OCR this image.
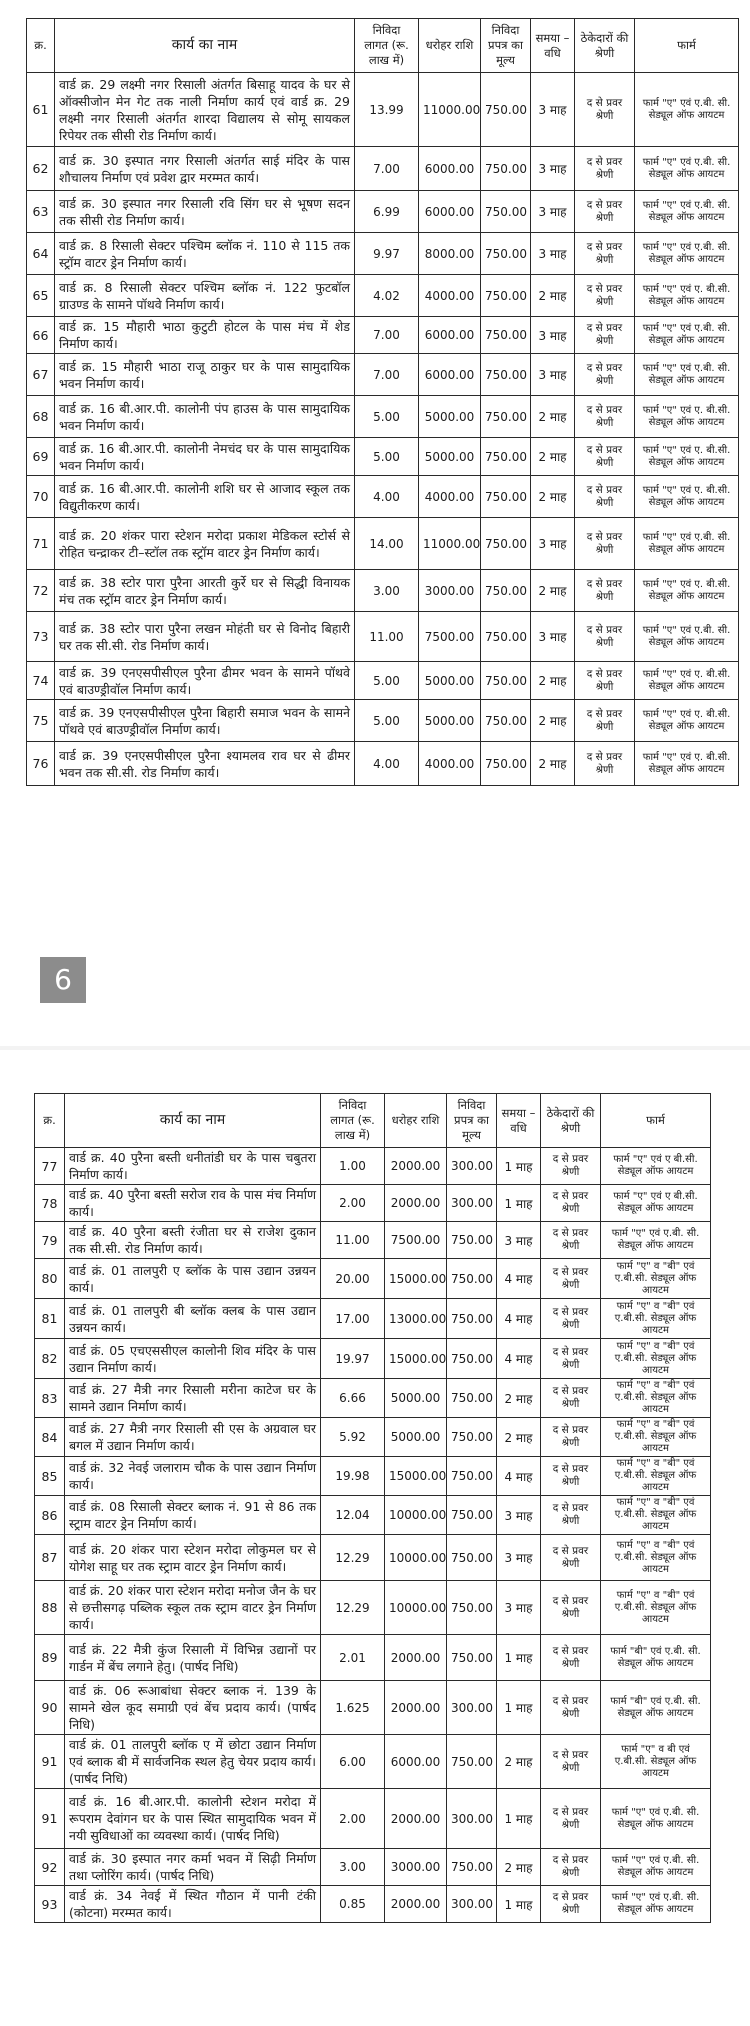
क्र.	कार्य का नाम	निविदा लागत (रू. लाख में)	धरोहर राशि	निविदा प्रपत्र का मूल्य	समया – वधि	ठेकेदारों की श्रेणी	फार्म
61	वार्ड क्र. 29 लक्ष्मी नगर रिसाली अंतर्गत बिसाहू यादव के घर से ऑक्सीजोन मेन गेट तक नाली निर्माण कार्य एवं वार्ड क्र. 29 लक्ष्मी नगर रिसाली अंतर्गत शारदा विद्यालय से सोमू सायकल रिपेयर तक सीसी रोड निर्माण कार्य।	13.99	11000.00	750.00	3 माह	द से प्रवर श्रेणी	फार्म "ए" एवं ए.बी. सी. सेड्यूल ऑफ आयटम
62	वार्ड क्र. 30 इस्पात नगर रिसाली अंतर्गत साई मंदिर के पास शौचालय निर्माण एवं प्रवेश द्वार मरम्मत कार्य।	7.00	6000.00	750.00	3 माह	द से प्रवर श्रेणी	फार्म "ए" एवं ए.बी. सी. सेड्यूल ऑफ आयटम
63	वार्ड क्र. 30 इस्पात नगर रिसाली रवि सिंग घर से भूषण सदन तक सीसी रोड निर्माण कार्य।	6.99	6000.00	750.00	3 माह	द से प्रवर श्रेणी	फार्म "ए" एवं ए.बी. सी. सेड्यूल ऑफ आयटम
64	वार्ड क्र. 8 रिसाली सेक्टर पश्चिम ब्लॉक नं. 110 से 115 तक स्ट्रॉम वाटर ड्रेन निर्माण कार्य।	9.97	8000.00	750.00	3 माह	द से प्रवर श्रेणी	फार्म "ए" एवं ए.बी. सी. सेड्यूल ऑफ आयटम
65	वार्ड क्र. 8 रिसाली सेक्टर पश्चिम ब्लॉक नं. 122 फुटबॉल ग्राउण्ड के सामने पॉथवे निर्माण कार्य।	4.02	4000.00	750.00	2 माह	द से प्रवर श्रेणी	फार्म "ए" एवं ए. बी.सी. सेड्यूल ऑफ आयटम
66	वार्ड क्र. 15 मौहारी भाठा कुटुटी होटल के पास मंच में शेड निर्माण कार्य।	7.00	6000.00	750.00	3 माह	द से प्रवर श्रेणी	फार्म "ए" एवं ए.बी. सी. सेड्यूल ऑफ आयटम
67	वार्ड क्र. 15 मौहारी भाठा राजू ठाकुर घर के पास सामुदायिक भवन निर्माण कार्य।	7.00	6000.00	750.00	3 माह	द से प्रवर श्रेणी	फार्म "ए" एवं ए.बी. सी. सेड्यूल ऑफ आयटम
68	वार्ड क्र. 16 बी.आर.पी. कालोनी पंप हाउस के पास सामुदायिक भवन निर्माण कार्य।	5.00	5000.00	750.00	2 माह	द से प्रवर श्रेणी	फार्म "ए" एवं ए. बी.सी. सेड्यूल ऑफ आयटम
69	वार्ड क्र. 16 बी.आर.पी. कालोनी नेमचंद घर के पास सामुदायिक भवन निर्माण कार्य।	5.00	5000.00	750.00	2 माह	द से प्रवर श्रेणी	फार्म "ए" एवं ए. बी.सी. सेड्यूल ऑफ आयटम
70	वार्ड क्र. 16 बी.आर.पी. कालोनी शशि घर से आजाद स्कूल तक विद्युतीकरण कार्य।	4.00	4000.00	750.00	2 माह	द से प्रवर श्रेणी	फार्म "ए" एवं ए. बी.सी. सेड्यूल ऑफ आयटम
71	वार्ड क्र. 20 शंकर पारा स्टेशन मरोदा प्रकाश मेडिकल स्टोर्स से रोहित चन्द्राकर टी–स्टॉल तक स्ट्रॉम वाटर ड्रेन निर्माण कार्य।	14.00	11000.00	750.00	3 माह	द से प्रवर श्रेणी	फार्म "ए" एवं ए.बी. सी. सेड्यूल ऑफ आयटम
72	वार्ड क्र. 38 स्टोर पारा पुरैना आरती कुर्रे घर से सिद्धी विनायक मंच तक स्ट्रॉम वाटर ड्रेन निर्माण कार्य।	3.00	3000.00	750.00	2 माह	द से प्रवर श्रेणी	फार्म "ए" एवं ए. बी.सी. सेड्यूल ऑफ आयटम
73	वार्ड क्र. 38 स्टोर पारा पुरैना लखन मोहंती घर से विनोद बिहारी घर तक सी.सी. रोड निर्माण कार्य।	11.00	7500.00	750.00	3 माह	द से प्रवर श्रेणी	फार्म "ए" एवं ए.बी. सी. सेड्यूल ऑफ आयटम
74	वार्ड क्र. 39 एनएसपीसीएल पुरैना ढीमर भवन के सामने पॉथवे एवं बाउण्ड्रीवॉल निर्माण कार्य।	5.00	5000.00	750.00	2 माह	द से प्रवर श्रेणी	फार्म "ए" एवं ए. बी.सी. सेड्यूल ऑफ आयटम
75	वार्ड क्र. 39 एनएसपीसीएल पुरैना बिहारी समाज भवन के सामने पॉथवे एवं बाउण्ड्रीवॉल निर्माण कार्य।	5.00	5000.00	750.00	2 माह	द से प्रवर श्रेणी	फार्म "ए" एवं ए. बी.सी. सेड्यूल ऑफ आयटम
76	वार्ड क्र. 39 एनएसपीसीएल पुरैना श्यामलव राव घर से ढीमर भवन तक सी.सी. रोड निर्माण कार्य।	4.00	4000.00	750.00	2 माह	द से प्रवर श्रेणी	फार्म "ए" एवं ए. बी.सी. सेड्यूल ऑफ आयटम
6
क्र.	कार्य का नाम	निविदा लागत (रू. लाख में)	धरोहर राशि	निविदा प्रपत्र का मूल्य	समया – वधि	ठेकेदारों की श्रेणी	फार्म
77	वार्ड क्र. 40 पुरैना बस्ती धनीतांडी घर के पास चबुतरा निर्माण कार्य।	1.00	2000.00	300.00	1 माह	द से प्रवर श्रेणी	फार्म "ए" एवं ए बी.सी. सेड्यूल ऑफ आयटम
78	वार्ड क्र. 40 पुरैना बस्ती सरोज राव के पास मंच निर्माण कार्य।	2.00	2000.00	300.00	1 माह	द से प्रवर श्रेणी	फार्म "ए" एवं ए बी.सी. सेड्यूल ऑफ आयटम
79	वार्ड क्र. 40 पुरैना बस्ती रंजीता घर से राजेश दुकान तक सी.सी. रोड निर्माण कार्य।	11.00	7500.00	750.00	3 माह	द से प्रवर श्रेणी	फार्म "ए" एवं ए.बी. सी. सेड्यूल ऑफ आयटम
80	वार्ड क्रं. 01 तालपुरी ए ब्लॉक के पास उद्यान उन्नयन कार्य।	20.00	15000.00	750.00	4 माह	द से प्रवर श्रेणी	फार्म "ए" व "बी" एवं ए.बी.सी. सेड्यूल ऑफ आयटम
81	वार्ड क्रं. 01 तालपुरी बी ब्लॉक क्लब के पास उद्यान उन्नयन कार्य।	17.00	13000.00	750.00	4 माह	द से प्रवर श्रेणी	फार्म "ए" व "बी" एवं ए.बी.सी. सेड्यूल ऑफ आयटम
82	वार्ड क्रं. 05 एचएससीएल कालोनी शिव मंदिर के पास उद्यान निर्माण कार्य।	19.97	15000.00	750.00	4 माह	द से प्रवर श्रेणी	फार्म "ए" व "बी" एवं ए.बी.सी. सेड्यूल ऑफ आयटम
83	वार्ड क्रं. 27 मैत्री नगर रिसाली मरीना काटेज घर के सामने उद्यान निर्माण कार्य।	6.66	5000.00	750.00	2 माह	द से प्रवर श्रेणी	फार्म "ए" व "बी" एवं ए.बी.सी. सेड्यूल ऑफ आयटम
84	वार्ड क्रं. 27 मैत्री नगर रिसाली सी एस के अग्रवाल घर बगल में उद्यान निर्माण कार्य।	5.92	5000.00	750.00	2 माह	द से प्रवर श्रेणी	फार्म "ए" व "बी" एवं ए.बी.सी. सेड्यूल ऑफ आयटम
85	वार्ड क्रं. 32 नेवई जलाराम चौक के पास उद्यान निर्माण कार्य।	19.98	15000.00	750.00	4 माह	द से प्रवर श्रेणी	फार्म "ए" व "बी" एवं ए.बी.सी. सेड्यूल ऑफ आयटम
86	वार्ड क्रं. 08 रिसाली सेक्टर ब्लाक नं. 91 से 86 तक स्ट्राम वाटर ड्रेन निर्माण कार्य।	12.04	10000.00	750.00	3 माह	द से प्रवर श्रेणी	फार्म "ए" व "बी" एवं ए.बी.सी. सेड्यूल ऑफ आयटम
87	वार्ड क्रं. 20 शंकर पारा स्टेशन मरोदा लोकुमल घर से योगेश साहू घर तक स्ट्राम वाटर ड्रेन निर्माण कार्य।	12.29	10000.00	750.00	3 माह	द से प्रवर श्रेणी	फार्म "ए" व "बी" एवं ए.बी.सी. सेड्यूल ऑफ आयटम
88	वार्ड क्रं. 20 शंकर पारा स्टेशन मरोदा मनोज जैन के घर से छत्तीसगढ़ पब्लिक स्कूल तक स्ट्राम वाटर ड्रेन निर्माण कार्य।	12.29	10000.00	750.00	3 माह	द से प्रवर श्रेणी	फार्म "ए" व "बी" एवं ए.बी.सी. सेड्यूल ऑफ आयटम
89	वार्ड क्रं. 22 मैत्री कुंज रिसाली में विभिन्न उद्यानों पर गार्डन में बेंच लगाने हेतु। (पार्षद निधि)	2.01	2000.00	750.00	1 माह	द से प्रवर श्रेणी	फार्म "बी" एवं ए.बी. सी. सेड्यूल ऑफ आयटम
90	वार्ड क्रं. 06 रूआबांधा सेक्टर ब्लाक नं. 139 के सामने खेल कूद समाग्री एवं बेंच प्रदाय कार्य। (पार्षद निधि)	1.625	2000.00	300.00	1 माह	द से प्रवर श्रेणी	फार्म "बी" एवं ए.बी. सी. सेड्यूल ऑफ आयटम
91	वार्ड क्रं. 01 तालपुरी ब्लॉक ए में छोटा उद्यान निर्माण एवं ब्लाक बी में सार्वजनिक स्थल हेतु चेयर प्रदाय कार्य। (पार्षद निधि)	6.00	6000.00	750.00	2 माह	द से प्रवर श्रेणी	फार्म "ए" व बी एवं ए.बी.सी. सेड्यूल ऑफ आयटम
91	वार्ड क्रं. 16 बी.आर.पी. कालोनी स्टेशन मरोदा में रूपराम देवांगन घर के पास स्थित सामुदायिक भवन में नयी सुविधाओं का व्यवस्था कार्य। (पार्षद निधि)	2.00	2000.00	300.00	1 माह	द से प्रवर श्रेणी	फार्म "ए" एवं ए.बी. सी. सेड्यूल ऑफ आयटम
92	वार्ड क्रं. 30 इस्पात नगर कर्मा भवन में सिढ़ी निर्माण तथा प्लोरिंग कार्य। (पार्षद निधि)	3.00	3000.00	750.00	2 माह	द से प्रवर श्रेणी	फार्म "ए" एवं ए.बी. सी. सेड्यूल ऑफ आयटम
93	वार्ड क्रं. 34 नेवई में स्थित गौठान में पानी टंकी (कोटना) मरम्मत कार्य।	0.85	2000.00	300.00	1 माह	द से प्रवर श्रेणी	फार्म "ए" एवं ए.बी. सी. सेड्यूल ऑफ आयटम
